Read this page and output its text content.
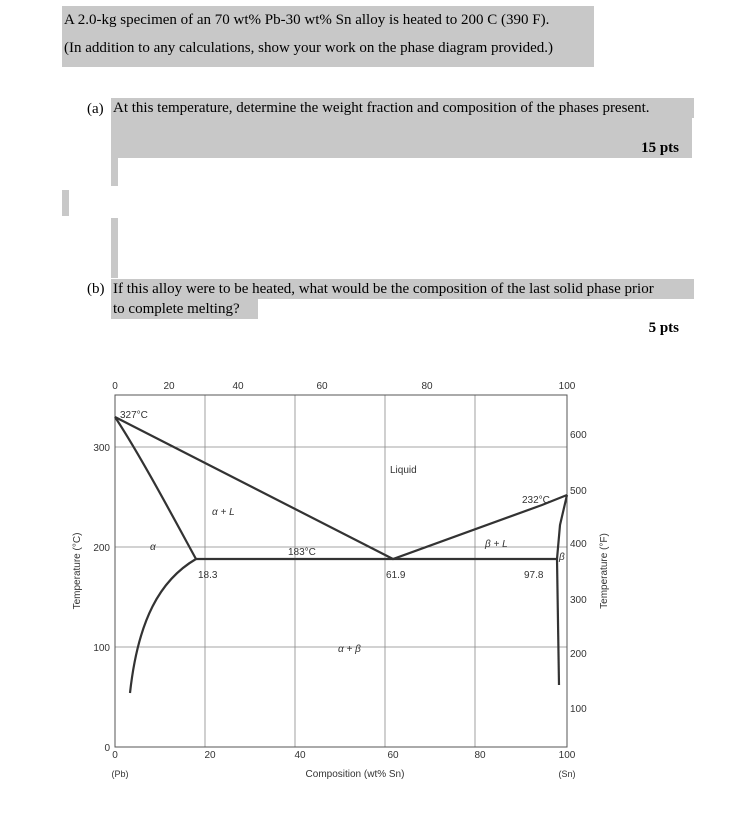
A 2.0-kg specimen of an 70 wt% Pb-30 wt% Sn alloy is heated to 200 C (390 F).
(In addition to any calculations, show your work on the phase diagram provided.)
(a) At this temperature, determine the weight fraction and composition of the phases present.
15 pts
(b) If this alloy were to be heated, what would be the composition of the last solid phase prior
to complete melting?
5 pts
0	20	40	60	80	100
0	20	40	60	80	100
300
200
100
0
600
500
400
300
200
100
Temperature (°C)	Temperature (°F)
Composition (wt% Sn)
(Pb)	(Sn)
327°C
232°C
183°C
Liquid
α + L
β + L
α + β
α
β
18.3	61.9	97.8
